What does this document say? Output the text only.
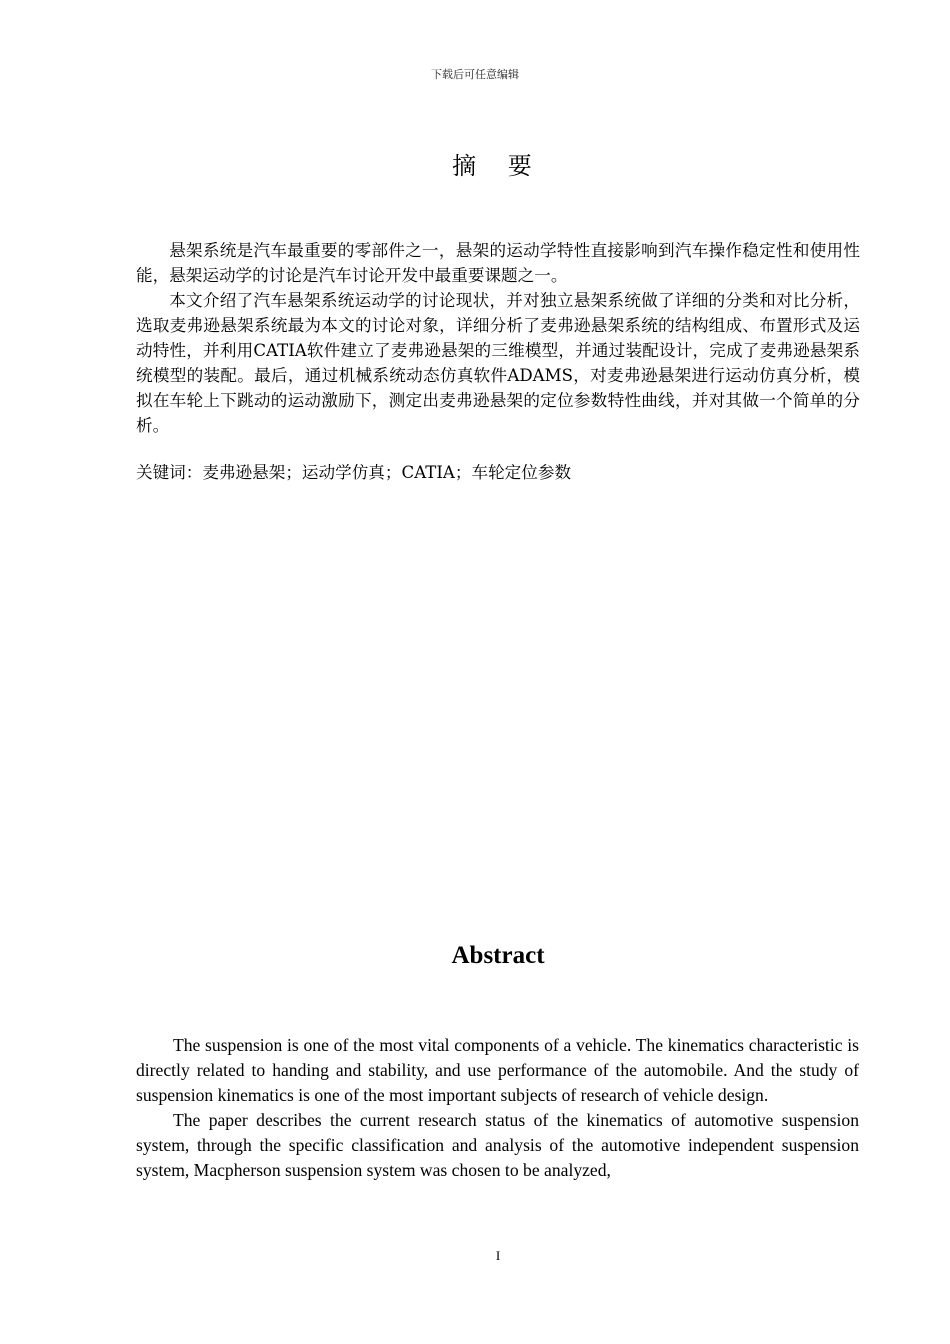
下载后可任意编辑
摘 要

悬架系统是汽车最重要的零部件之一，悬架的运动学特性直接影响到汽车操作稳定性和使用性能，悬架运动学的讨论是汽车讨论开发中最重要课题之一。

本文介绍了汽车悬架系统运动学的讨论现状，并对独立悬架系统做了详细的分类和对比分析，选取麦弗逊悬架系统最为本文的讨论对象，详细分析了麦弗逊悬架系统的结构组成、布置形式及运动特性，并利用CATIA软件建立了麦弗逊悬架的三维模型，并通过装配设计，完成了麦弗逊悬架系统模型的装配。最后，通过机械系统动态仿真软件ADAMS，对麦弗逊悬架进行运动仿真分析，模拟在车轮上下跳动的运动激励下，测定出麦弗逊悬架的定位参数特性曲线，并对其做一个简单的分析。

关键词：麦弗逊悬架；运动学仿真；CATIA；车轮定位参数
Abstract

The suspension is one of the most vital components of a vehicle. The kinematics characteristic is directly related to handing and stability, and use performance of the automobile. And the study of suspension kinematics is one of the most important subjects of research of vehicle design.

The paper describes the current research status of the kinematics of automotive suspension system, through the specific classification and analysis of the automotive independent suspension system, Macpherson suspension system was chosen to be analyzed,

I
